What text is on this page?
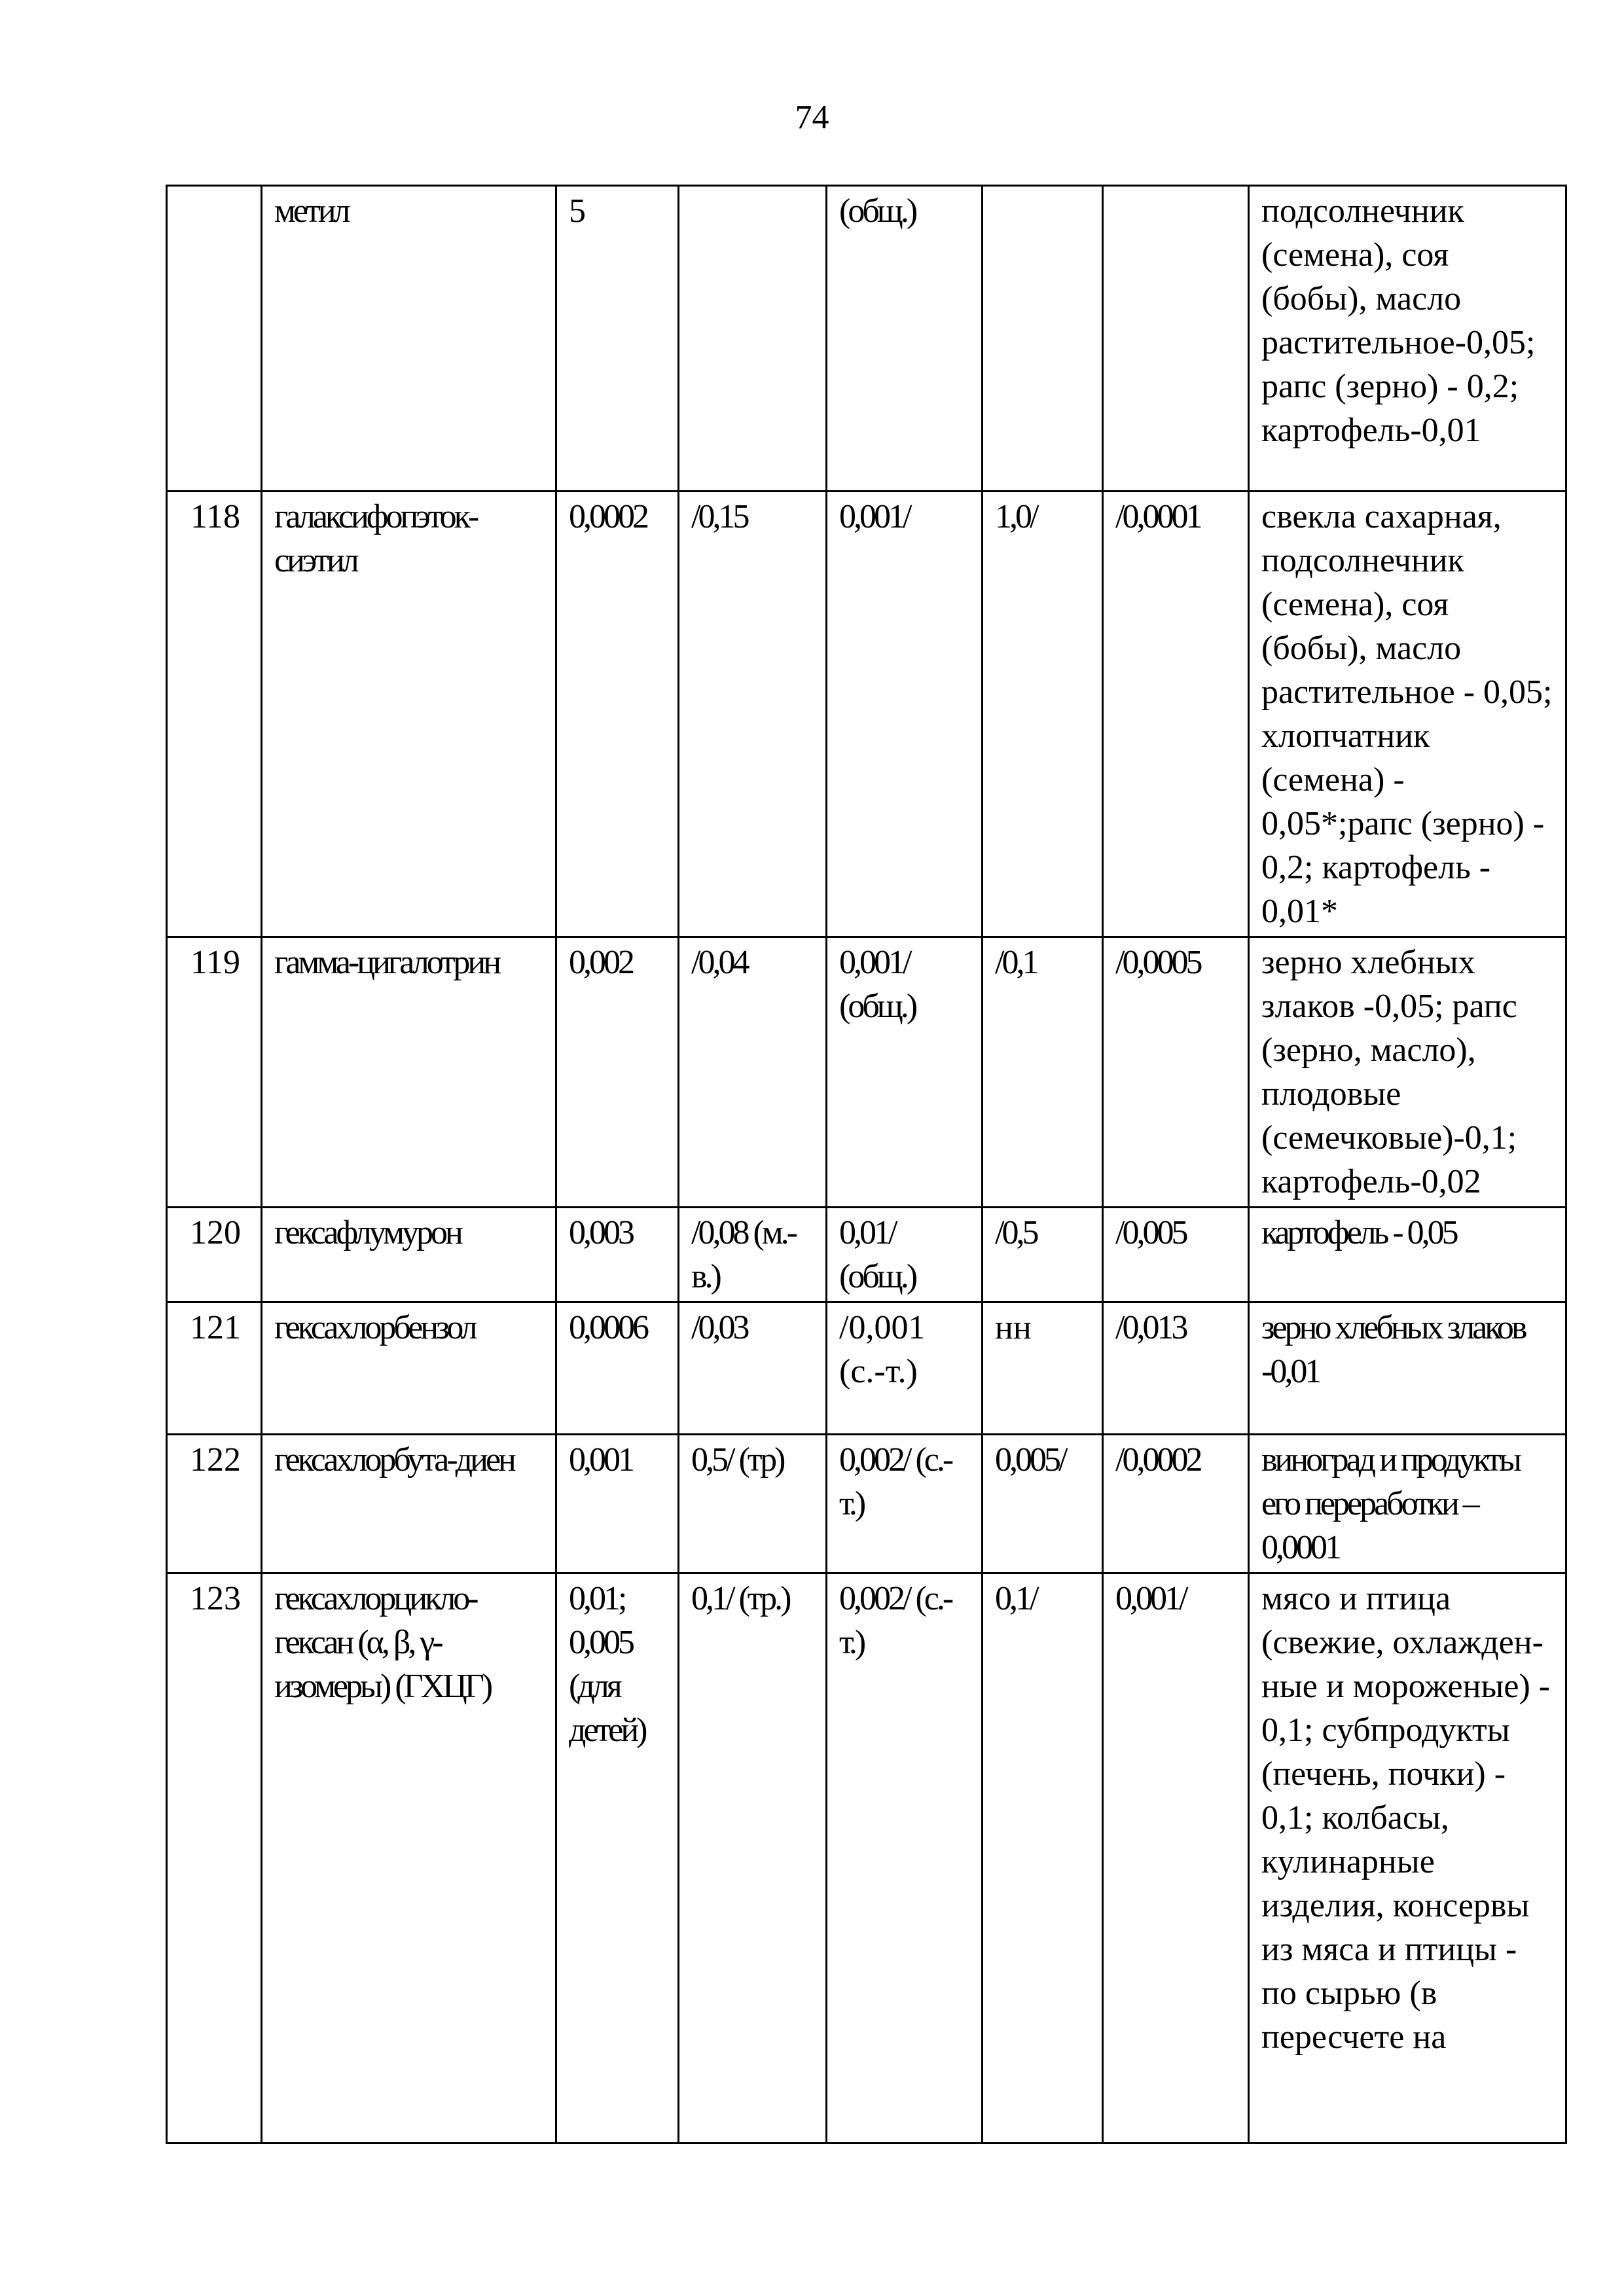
74
	метил	5		(общ.)			подсолнечник (семена), соя (бобы), масло растительное-0,05; рапс (зерно) - 0,2; картофель-0,01
118	галаксифопэток-сиэтил	0,0002	/0,15	0,001/	1,0/	/0,0001	свекла сахарная, подсолнечник (семена), соя (бобы), масло растительное - 0,05; хлопчатник (семена) - 0,05*;рапс (зерно) - 0,2; картофель - 0,01*
119	гамма-цигалотрин	0,002	/0,04	0,001/ (общ.)	/0,1	/0,0005	зерно хлебных злаков -0,05; рапс (зерно, масло), плодовые (семечковые)-0,1; картофель-0,02
120	гексафлумурон	0,003	/0,08 (м.-в.)	0,01/ (общ.)	/0,5	/0,005	картофель - 0,05
121	гексахлорбензол	0,0006	/0,03	/0,001 (с.-т.)	нн	/0,013	зерно хлебных злаков -0,01
122	гексахлорбута-диен	0,001	0,5/ (тр)	0,002/ (с.-т.)	0,005/	/0,0002	виноград и продукты его переработки – 0,0001
123	гексахлорцикло-гексан (α, β, γ-изомеры) (ГХЦГ)	0,01; 0,005 (для детей)	0,1/ (тр.)	0,002/ (с.-т.)	0,1/	0,001/	мясо и птица (свежие, охлажден-ные и мороженые) - 0,1; субпродукты (печень, почки) - 0,1; колбасы, кулинарные изделия, консервы из мяса и птицы - по сырью (в пересчете на
